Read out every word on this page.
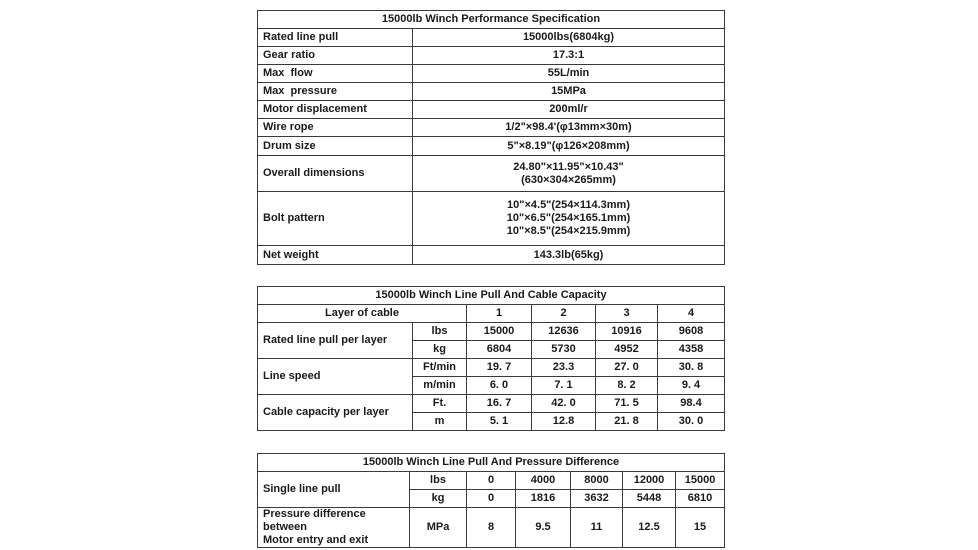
15000lb Winch Performance Specification	
Rated line pull	15000lbs(6804kg)
Gear ratio	17.3:1
Max  flow	55L/min
Max  pressure	15MPa
Motor displacement	200ml/r
Wire rope	1/2"×98.4'(φ13mm×30m)
Drum size	5"×8.19"(φ126×208mm)
Overall dimensions	24.80"×11.95"×10.43"
(630×304×265mm)

Bolt pattern	10"×4.5"(254×114.3mm)
10"×6.5"(254×165.1mm)
10"×8.5"(254×215.9mm)

Net weight	143.3lb(65kg)
15000lb Winch Line Pull And Cable Capacity					
Layer of cable		1	2	3	4
Rated line pull per layer	lbs	15000	12636	10916	9608
	kg	6804	5730	4952	4358
Line speed	Ft/min	19. 7	23.3	27. 0	30. 8
	m/min	6. 0	7. 1	8. 2	9. 4
Cable capacity per layer	Ft.	16. 7	42. 0	71. 5	98.4
	m	5. 1	12.8	21. 8	30. 0
15000lb Winch Line Pull And Pressure Difference						
Single line pull	lbs	0	4000	8000	12000	15000
	kg	0	1816	3632	5448	6810

Pressure difference between
Motor entry and exit	MPa	8	9.5	11	12.5	15
